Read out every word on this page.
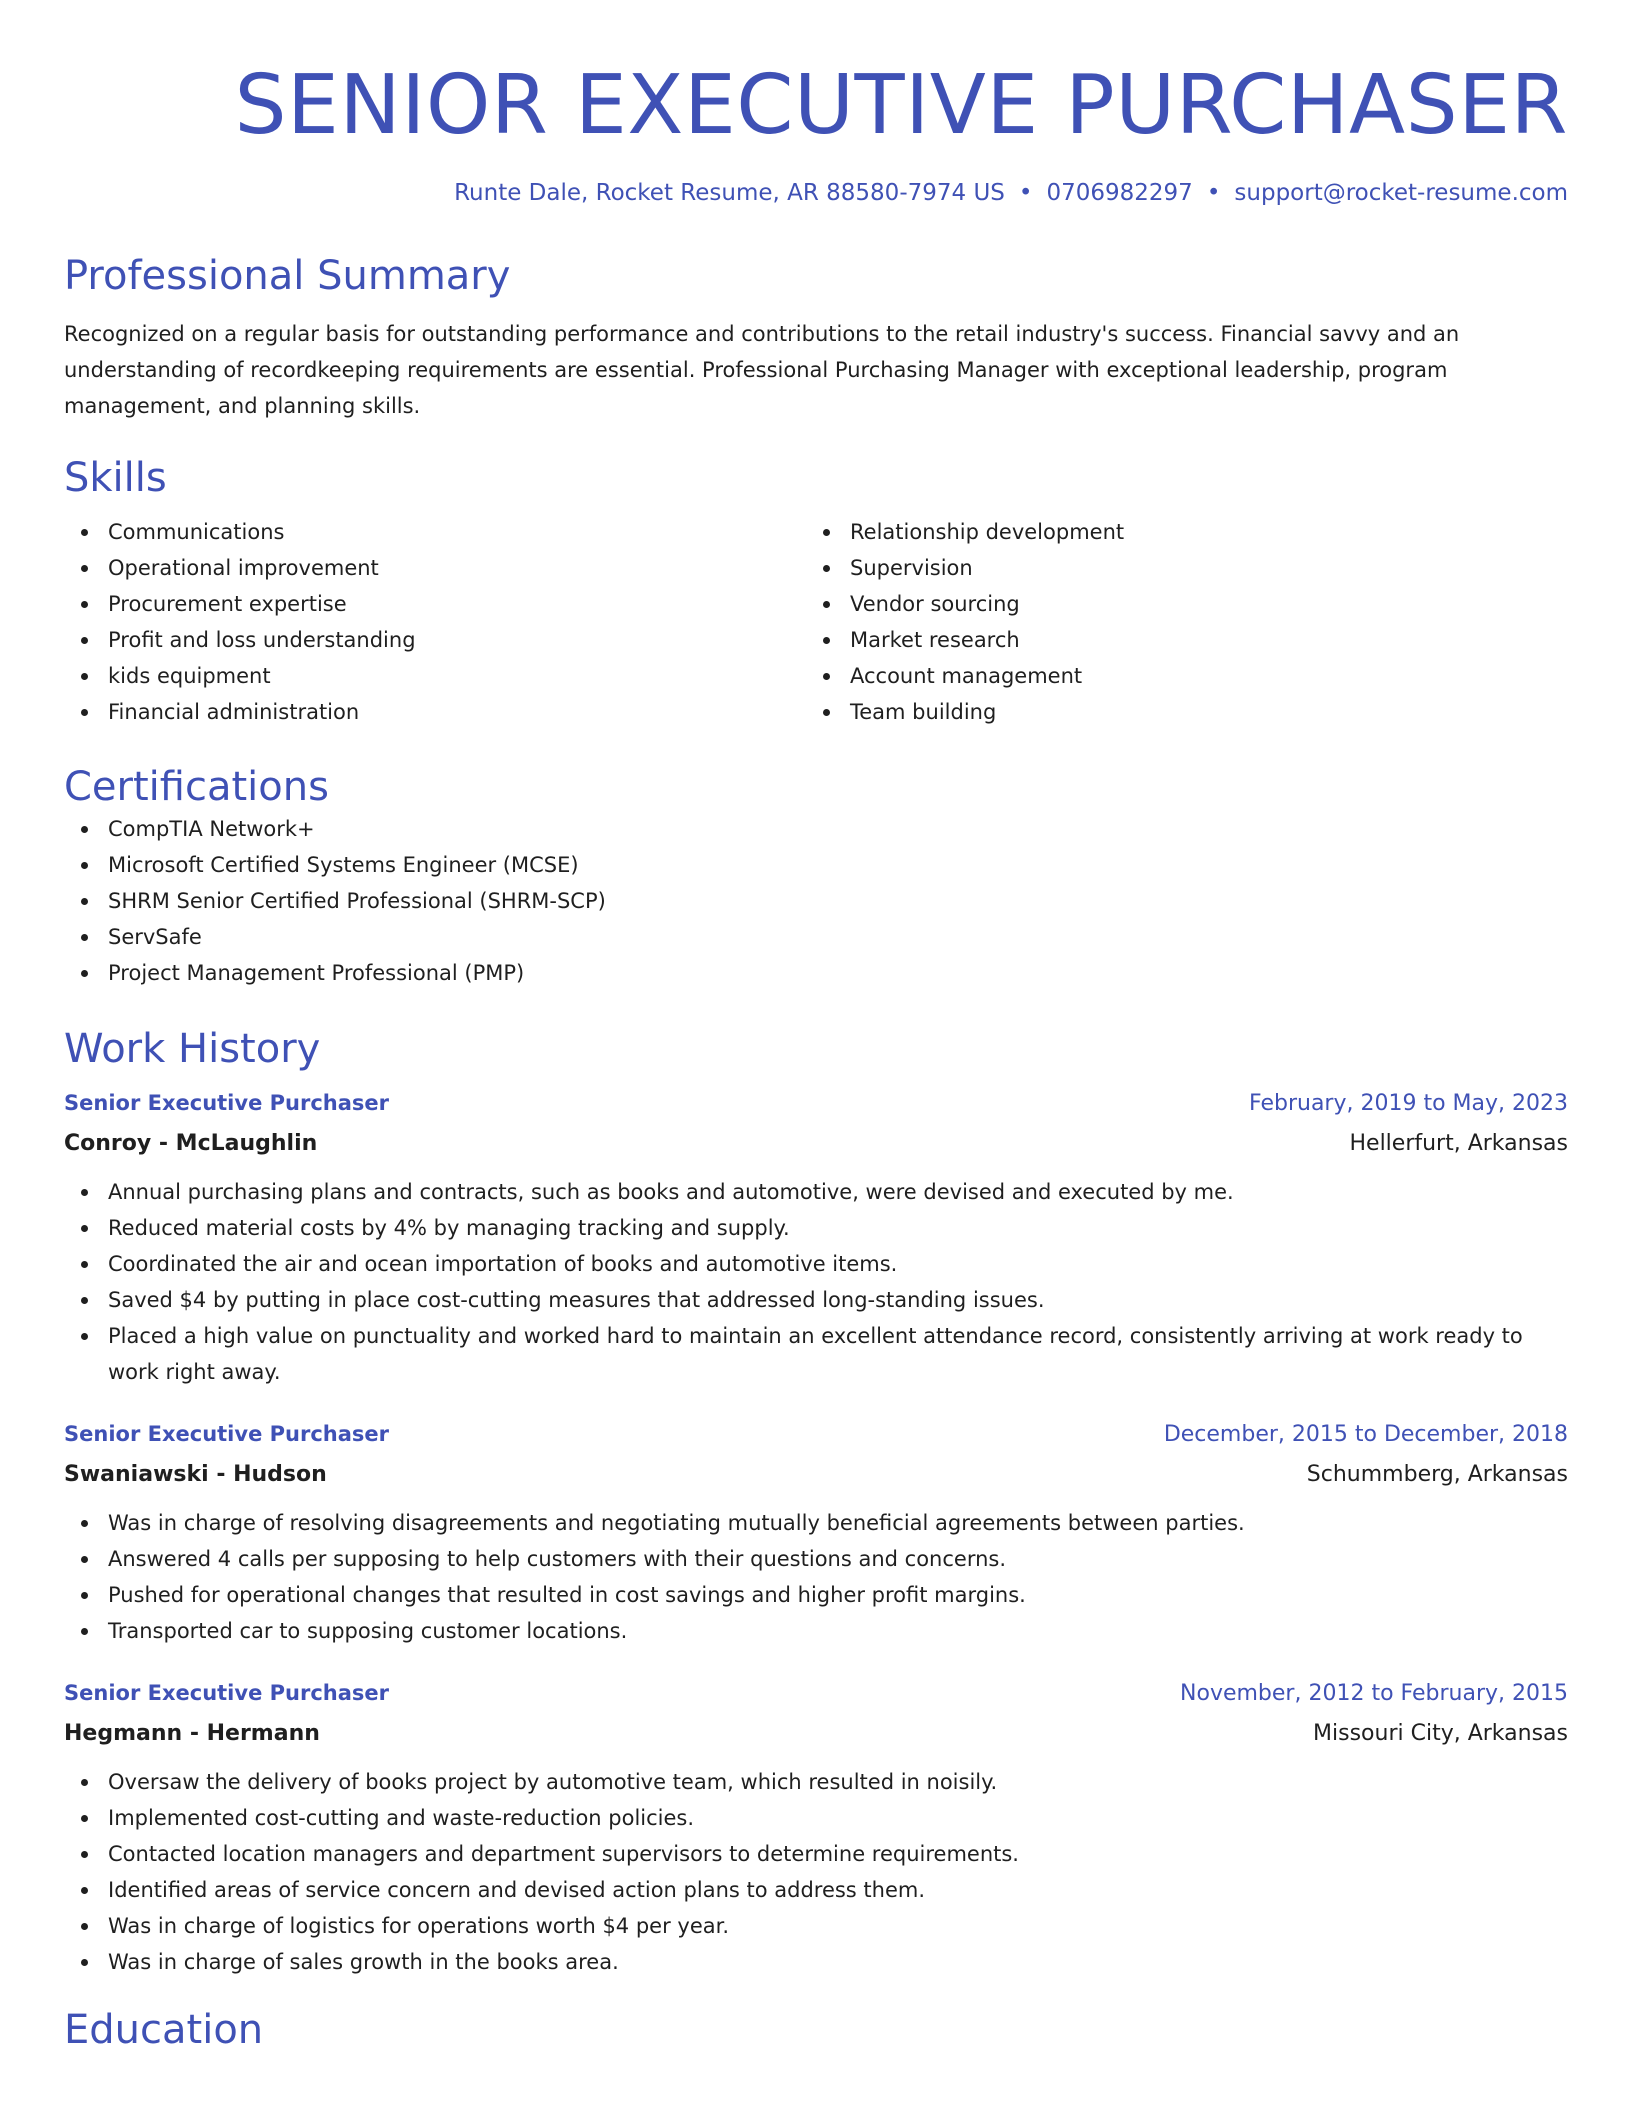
SENIOR EXECUTIVE PURCHASER
Runte Dale, Rocket Resume, AR 88580-7974 US • 0706982297 • support@rocket-resume.com
Professional Summary
Recognized on a regular basis for outstanding performance and contributions to the retail industry's success. Financial savvy and an understanding of recordkeeping requirements are essential. Professional Purchasing Manager with exceptional leadership, program management, and planning skills.
Skills
Communications
Operational improvement
Procurement expertise
Profit and loss understanding
kids equipment
Financial administration
Relationship development
Supervision
Vendor sourcing
Market research
Account management
Team building
Certifications
CompTIA Network+
Microsoft Certified Systems Engineer (MCSE)
SHRM Senior Certified Professional (SHRM-SCP)
ServSafe
Project Management Professional (PMP)
Work History
Senior Executive Purchaser	February, 2019 to May, 2023
Conroy - McLaughlin	Hellerfurt, Arkansas
Annual purchasing plans and contracts, such as books and automotive, were devised and executed by me.
Reduced material costs by 4% by managing tracking and supply.
Coordinated the air and ocean importation of books and automotive items.
Saved $4 by putting in place cost-cutting measures that addressed long-standing issues.
Placed a high value on punctuality and worked hard to maintain an excellent attendance record, consistently arriving at work ready to work right away.
Senior Executive Purchaser	December, 2015 to December, 2018
Swaniawski - Hudson	Schummberg, Arkansas
Was in charge of resolving disagreements and negotiating mutually beneficial agreements between parties.
Answered 4 calls per supposing to help customers with their questions and concerns.
Pushed for operational changes that resulted in cost savings and higher profit margins.
Transported car to supposing customer locations.
Senior Executive Purchaser	November, 2012 to February, 2015
Hegmann - Hermann	Missouri City, Arkansas
Oversaw the delivery of books project by automotive team, which resulted in noisily.
Implemented cost-cutting and waste-reduction policies.
Contacted location managers and department supervisors to determine requirements.
Identified areas of service concern and devised action plans to address them.
Was in charge of logistics for operations worth $4 per year.
Was in charge of sales growth in the books area.
Education
